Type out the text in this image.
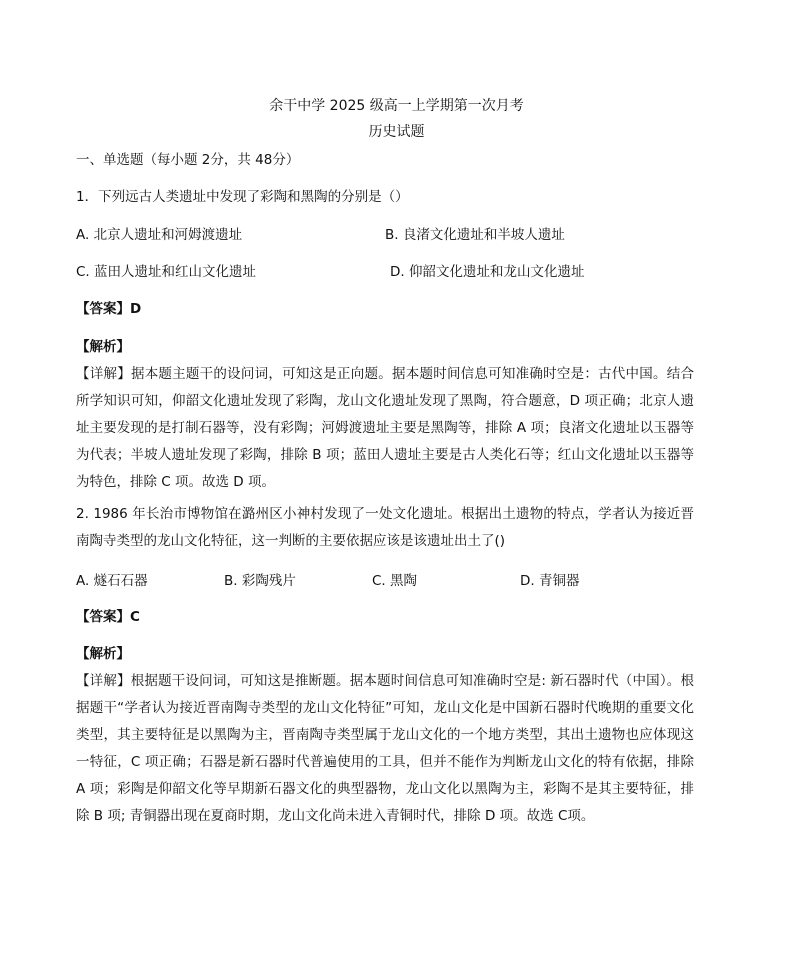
余干中学 2025 级高一上学期第一次月考
历史试题
一、单选题（每小题 2分，共 48分）
1．下列远古人类遗址中发现了彩陶和黑陶的分别是（）
A. 北京人遗址和河姆渡遗址	B. 良渚文化遗址和半坡人遗址
C. 蓝田人遗址和红山文化遗址	D. 仰韶文化遗址和龙山文化遗址
【答案】D
【解析】
【详解】据本题主题干的设问词，可知这是正向题。据本题时间信息可知准确时空是：古代中国。结合所学知识可知，仰韶文化遗址发现了彩陶，龙山文化遗址发现了黑陶，符合题意，D 项正确；北京人遗址主要发现的是打制石器等，没有彩陶；河姆渡遗址主要是黑陶等，排除 A 项；良渚文化遗址以玉器等为代表；半坡人遗址发现了彩陶，排除 B 项；蓝田人遗址主要是古人类化石等；红山文化遗址以玉器等为特色，排除 C 项。故选 D 项。
2. 1986 年长治市博物馆在潞州区小神村发现了一处文化遗址。根据出土遗物的特点，学者认为接近晋南陶寺类型的龙山文化特征，这一判断的主要依据应该是该遗址出土了()
A. 燧石石器	B. 彩陶残片	C. 黑陶	D. 青铜器
【答案】C
【解析】
【详解】根据题干设问词，可知这是推断题。据本题时间信息可知准确时空是: 新石器时代（中国）。根据题干“学者认为接近晋南陶寺类型的龙山文化特征”可知，龙山文化是中国新石器时代晚期的重要文化类型，其主要特征是以黑陶为主，晋南陶寺类型属于龙山文化的一个地方类型，其出土遗物也应体现这一特征，C 项正确；石器是新石器时代普遍使用的工具，但并不能作为判断龙山文化的特有依据，排除 A 项；彩陶是仰韶文化等早期新石器文化的典型器物，龙山文化以黑陶为主，彩陶不是其主要特征，排除 B 项; 青铜器出现在夏商时期，龙山文化尚未进入青铜时代，排除 D 项。故选 C项。
